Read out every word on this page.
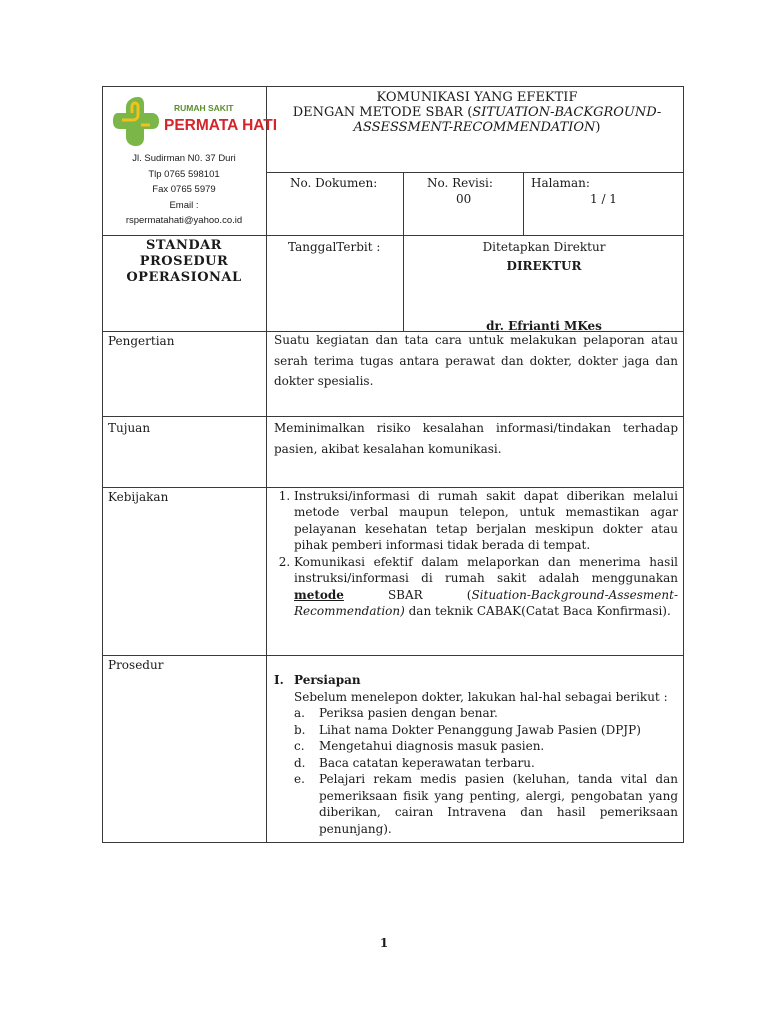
RUMAH SAKIT
PERMATA HATI
Jl. Sudirman N0. 37 Duri
Tlp 0765 598101
Fax 0765 5979
Email :
rspermatahati@yahoo.co.id
KOMUNIKASI YANG EFEKTIF
DENGAN METODE SBAR (SITUATION-BACKGROUND-
ASSESSMENT-RECOMMENDATION)
No. Dokumen:	No. Revisi:
00
Halaman:
1 / 1
STANDAR
PROSEDUR
OPERASIONAL
TanggalTerbit :	Ditetapkan Direktur
DIREKTUR
dr. Efrianti MKes
Pengertian	Suatu kegiatan dan tata cara untuk melakukan pelaporan atau serah terima tugas antara perawat dan dokter, dokter jaga dan dokter spesialis.
Tujuan	Meminimalkan risiko kesalahan informasi/tindakan terhadap pasien, akibat kesalahan komunikasi.
Kebijakan
1.	Instruksi/informasi di rumah sakit dapat diberikan melalui metode verbal maupun telepon, untuk memastikan agar pelayanan kesehatan tetap berjalan meskipun dokter atau pihak pemberi informasi tidak berada di tempat.
2. Komunikasi efektif dalam melaporkan dan menerima hasil instruksi/informasi di rumah sakit adalah menggunakan metode SBAR (Situation-Background-Assesment-Recommendation) dan teknik CABAK(Catat Baca Konfirmasi).
Prosedur
I. Persiapan
Sebelum menelepon dokter, lakukan hal-hal sebagai berikut :
a.	Periksa pasien dengan benar.
b.	Lihat nama Dokter Penanggung Jawab Pasien (DPJP)
c.	Mengetahui diagnosis masuk pasien.
d.	Baca catatan keperawatan terbaru.
e.	Pelajari rekam medis pasien (keluhan, tanda vital dan pemeriksaan fisik yang penting, alergi, pengobatan yang diberikan, cairan Intravena dan hasil pemeriksaan penunjang).
1
